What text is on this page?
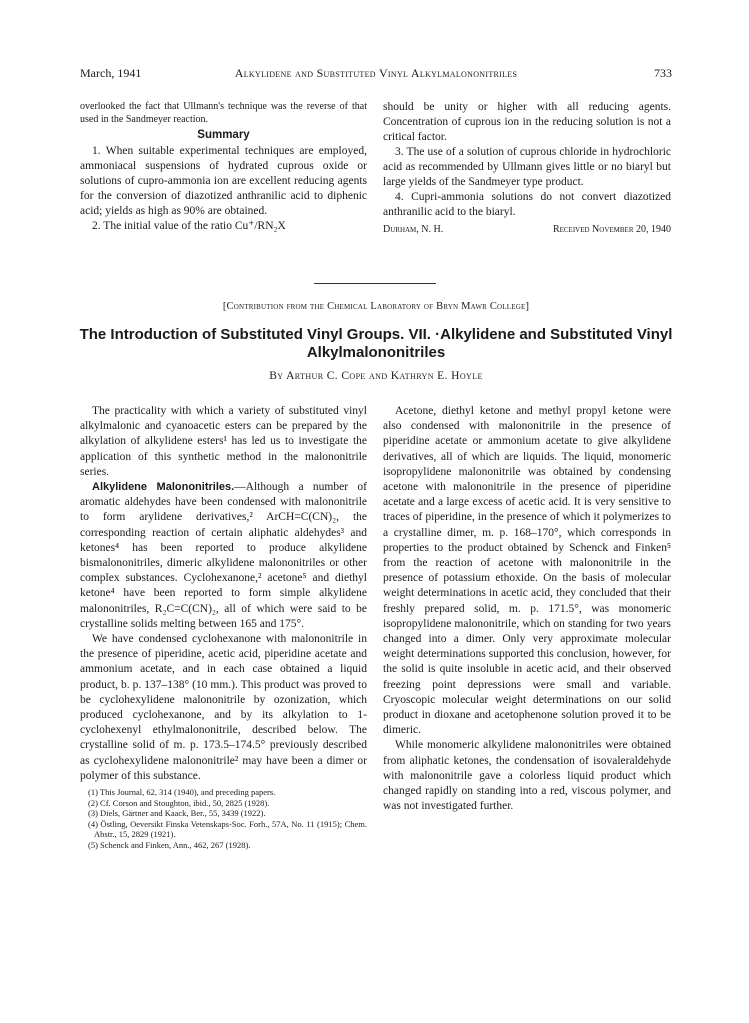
March, 1941	Alkylidene and Substituted Vinyl Alkylmalononitriles	733

overlooked the fact that Ullmann's technique was the reverse of that used in the Sandmeyer reaction.

Summary

1. When suitable experimental techniques are employed, ammoniacal suspensions of hydrated cuprous oxide or solutions of cupro-ammonia ion are excellent reducing agents for the conversion of diazotized anthranilic acid to diphenic acid; yields as high as 90% are obtained.

2. The initial value of the ratio Cu⁺/RN₂X

should be unity or higher with all reducing agents. Concentration of cuprous ion in the reducing solution is not a critical factor.

3. The use of a solution of cuprous chloride in hydrochloric acid as recommended by Ullmann gives little or no biaryl but large yields of the Sandmeyer type product.

4. Cupri-ammonia solutions do not convert diazotized anthranilic acid to the biaryl.

Durham, N. H.	Received November 20, 1940
[Contribution from the Chemical Laboratory of Bryn Mawr College]
The Introduction of Substituted Vinyl Groups. VII. ·Alkylidene and Substituted Vinyl Alkylmalononitriles
By Arthur C. Cope and Kathryn E. Hoyle

The practicality with which a variety of substituted vinyl alkylmalonic and cyanoacetic esters can be prepared by the alkylation of alkylidene esters¹ has led us to investigate the application of this synthetic method in the malononitrile series.

Alkylidene Malononitriles.—Although a number of aromatic aldehydes have been condensed with malononitrile to form arylidene derivatives,² ArCH=C(CN)₂, the corresponding reaction of certain aliphatic aldehydes³ and ketones⁴ has been reported to produce alkylidene bismalononitriles, dimeric alkylidene malononitriles or other complex substances. Cyclohexanone,² acetone⁵ and diethyl ketone⁴ have been reported to form simple alkylidene malononitriles, R₂C=C(CN)₂, all of which were said to be crystalline solids melting between 165 and 175°.

We have condensed cyclohexanone with malononitrile in the presence of piperidine, acetic acid, piperidine acetate and ammonium acetate, and in each case obtained a liquid product, b. p. 137–138° (10 mm.). This product was proved to be cyclohexylidene malononitrile by ozonization, which produced cyclohexanone, and by its alkylation to 1-cyclohexenyl ethylmalononitrile, described below. The crystalline solid of m. p. 173.5–174.5° previously described as cyclohexylidene malononitrile² may have been a dimer or polymer of this substance.

(1) This Journal, 62, 314 (1940), and preceding papers.
(2) Cf. Corson and Stoughton, ibid., 50, 2825 (1928).
(3) Diels, Gärtner and Kaack, Ber., 55, 3439 (1922).
(4) Östling, Oeversikt Finska Vetenskaps-Soc. Forh., 57A, No. 11 (1915); Chem. Abstr., 15, 2829 (1921).
(5) Schenck and Finken, Ann., 462, 267 (1928).

Acetone, diethyl ketone and methyl propyl ketone were also condensed with malononitrile in the presence of piperidine acetate or ammonium acetate to give alkylidene derivatives, all of which are liquids. The liquid, monomeric isopropylidene malononitrile was obtained by condensing acetone with malononitrile in the presence of piperidine acetate and a large excess of acetic acid. It is very sensitive to traces of piperidine, in the presence of which it polymerizes to a crystalline dimer, m. p. 168–170°, which corresponds in properties to the product obtained by Schenck and Finken⁵ from the reaction of acetone with malononitrile in the presence of potassium ethoxide. On the basis of molecular weight determinations in acetic acid, they concluded that their freshly prepared solid, m. p. 171.5°, was monomeric isopropylidene malononitrile, which on standing for two years changed into a dimer. Only very approximate molecular weight determinations supported this conclusion, however, for the solid is quite insoluble in acetic acid, and their observed freezing point depressions were small and variable. Cryoscopic molecular weight determinations on our solid product in dioxane and acetophenone solution proved it to be dimeric.

While monomeric alkylidene malononitriles were obtained from aliphatic ketones, the condensation of isovaleraldehyde with malononitrile gave a colorless liquid product which changed rapidly on standing into a red, viscous polymer, and was not investigated further.
